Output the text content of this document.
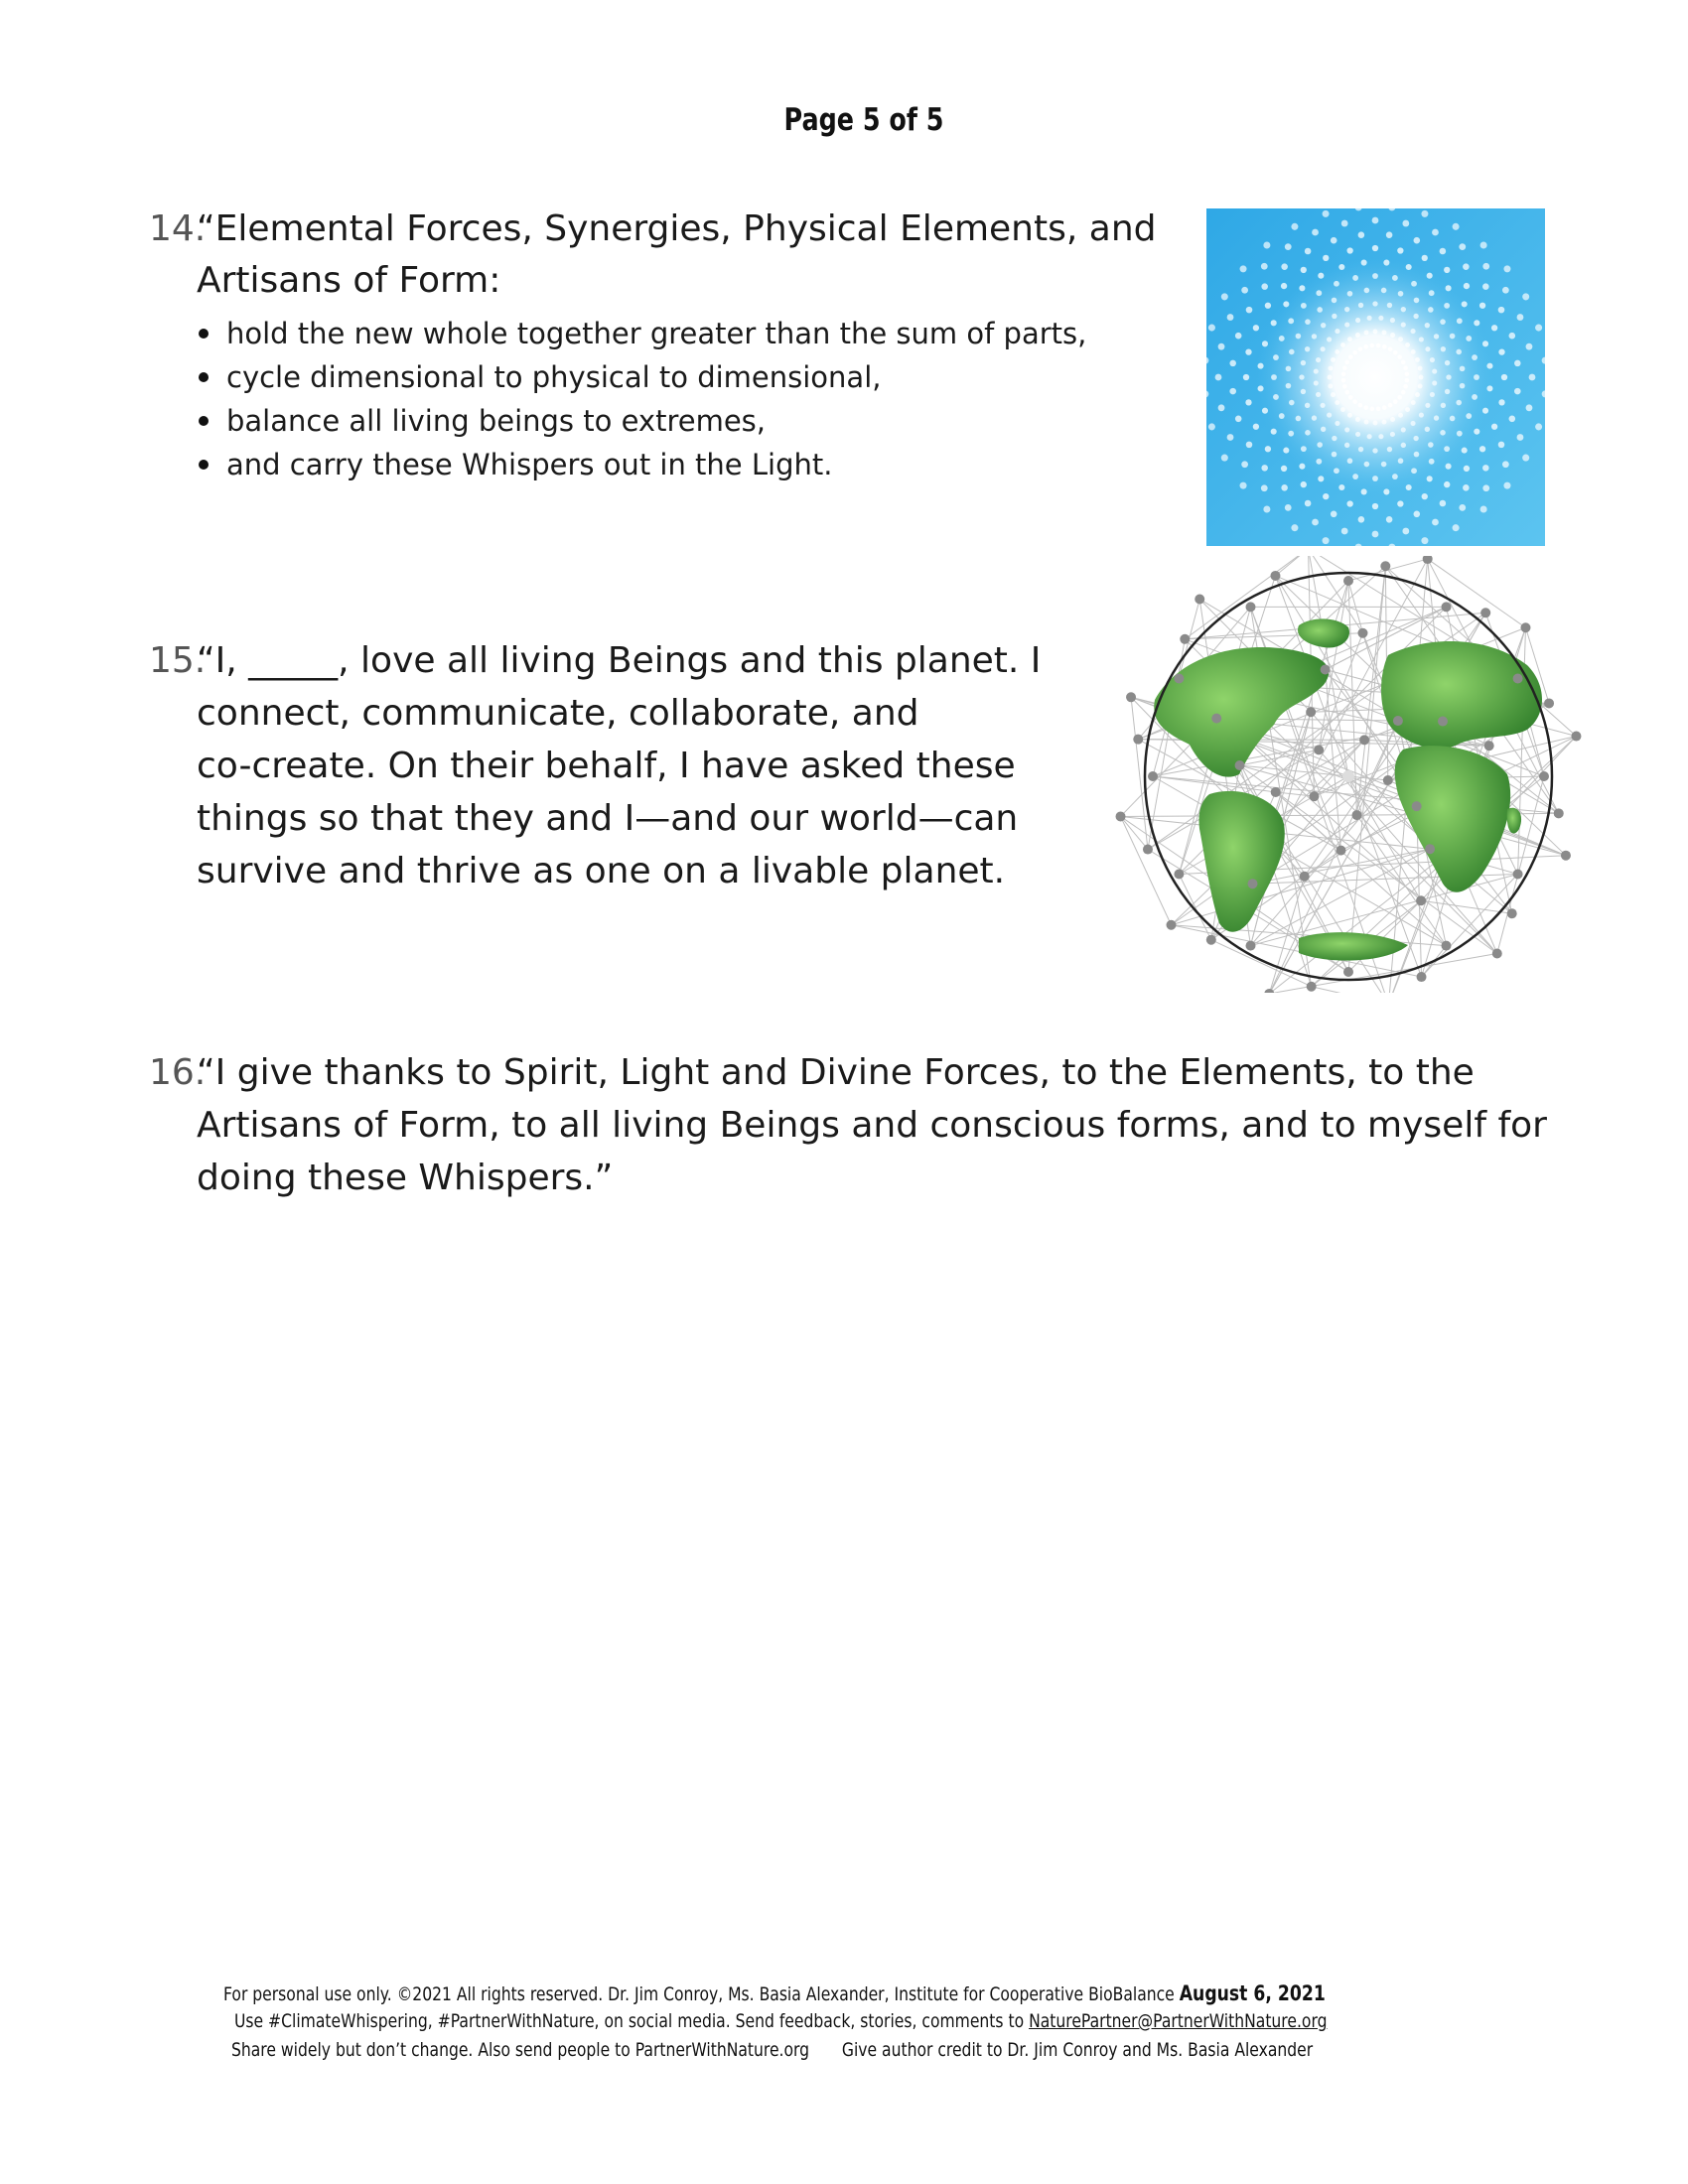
Page 5 of 5
14.
“Elemental Forces, Synergies, Physical Elements, and
Artisans of Form:
hold the new whole together greater than the sum of parts,
cycle dimensional to physical to dimensional,
balance all living beings to extremes,
and carry these Whispers out in the Light.
15.
“I, _____, love all living Beings and this planet. I
connect, communicate, collaborate, and
co-create. On their behalf, I have asked these
things so that they and I—and our world—can
survive and thrive as one on a livable planet.
16.
“I give thanks to Spirit, Light and Divine Forces, to the Elements, to the
Artisans of Form, to all living Beings and conscious forms, and to myself for
doing these Whispers.”
For personal use only. ©2021 All rights reserved. Dr. Jim Conroy, Ms. Basia Alexander, Institute for Cooperative BioBalance August 6, 2021
Use #ClimateWhispering, #PartnerWithNature, on social media. Send feedback, stories, comments to NaturePartner@PartnerWithNature.org
Share widely but don’t change. Also send people to PartnerWithNature.org Give author credit to Dr. Jim Conroy and Ms. Basia Alexander
